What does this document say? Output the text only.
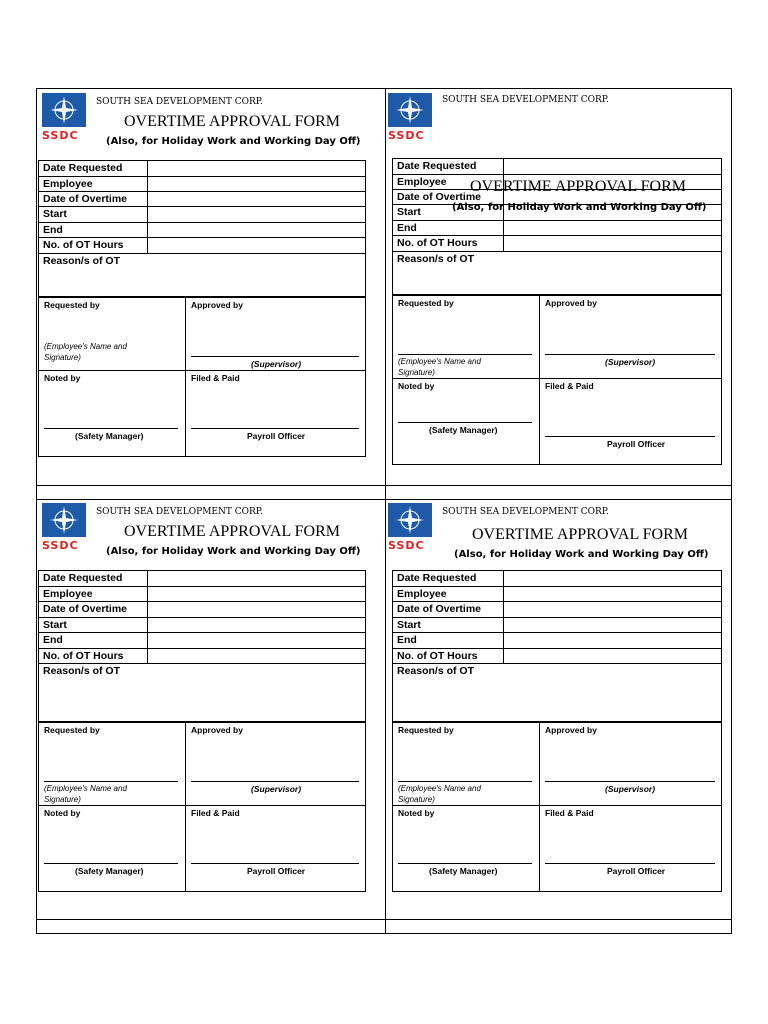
SSDC
SOUTH SEA DEVELOPMENT CORP.
OVERTIME APPROVAL FORM
(Also, for Holiday Work and Working Day Off)
Date Requested
Employee
Date of Overtime
Start
End
No. of OT Hours
Reason/s of OT
Requested by	Approved by
(Employee's Name and Signature)
(Supervisor)
Noted by	Filed & Paid
(Safety Manager)	Payroll Officer
SSDC
SOUTH SEA DEVELOPMENT CORP.
Date Requested
Employee
Date of Overtime
Start
End
No. of OT Hours
Reason/s of OT
OVERTIME APPROVAL FORM
(Also, for Holiday Work and Working Day Off)
Requested by	Approved by
(Employee's Name and Signature)
(Supervisor)
Noted by	Filed & Paid
(Safety Manager)
Payroll Officer
SSDC
SOUTH SEA DEVELOPMENT CORP.
OVERTIME APPROVAL FORM
(Also, for Holiday Work and Working Day Off)
Date Requested
Employee
Date of Overtime
Start
End
No. of OT Hours
Reason/s of OT
Requested by	Approved by
(Employee's Name and Signature)
(Supervisor)
Noted by	Filed & Paid
(Safety Manager)	Payroll Officer
SSDC
SOUTH SEA DEVELOPMENT CORP.
OVERTIME APPROVAL FORM
(Also, for Holiday Work and Working Day Off)
Date Requested
Employee
Date of Overtime
Start
End
No. of OT Hours
Reason/s of OT
Requested by	Approved by
(Employee's Name and Signature)
(Supervisor)
Noted by	Filed & Paid
(Safety Manager)	Payroll Officer
